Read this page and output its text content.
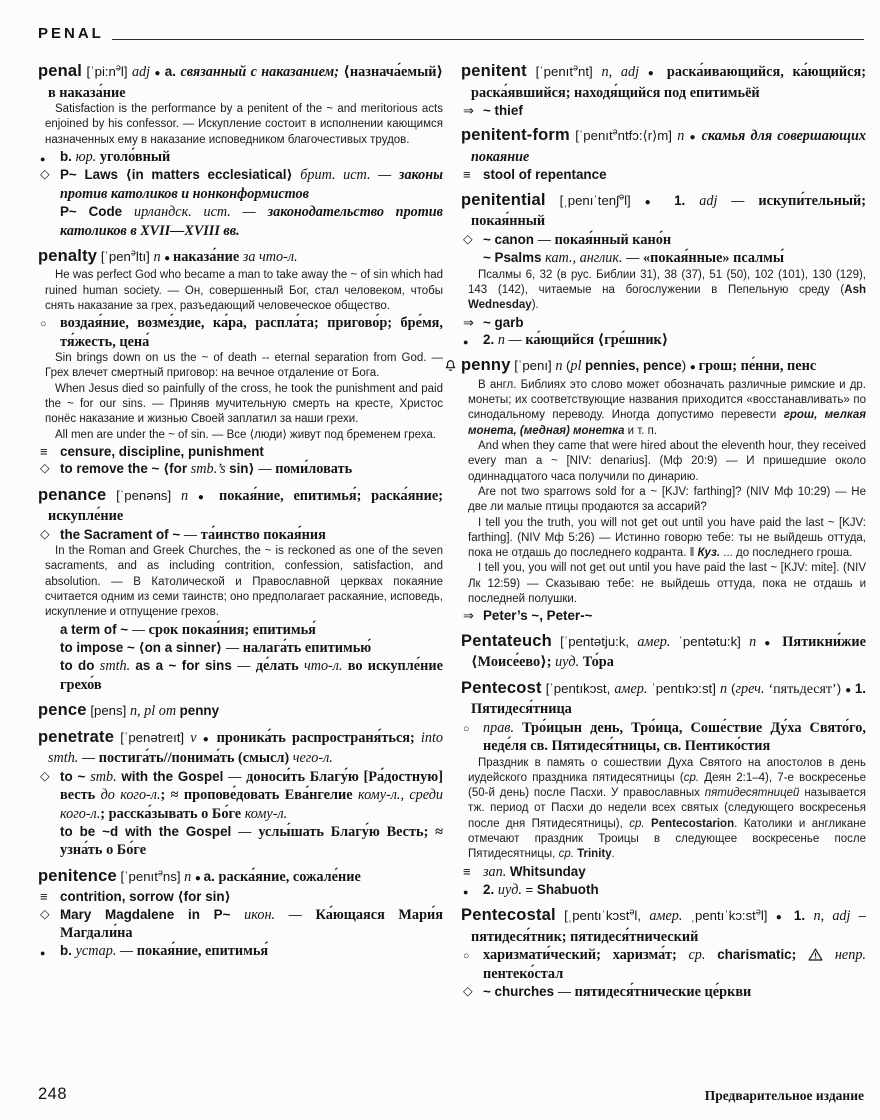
PENAL

penal $[ˈpi:n^əl]$ adj ● a. связанный с наказанием; ⟨назнача́емый⟩ в наказа́ние

Satisfaction is the performance by a penitent of the ~ and meritorious acts enjoined by his confessor. — Искупление состоит в исполнении кающимся назначенных ему в наказание исповедником благочестивых трудов.

●	b. юр. уголо́вный

◇ P~ Laws ⟨in matters ecclesiatical⟩ брит. ист. — законы против католиков и нонконформистов

P~ Code ирландск. ист. — законодательство против католиков в XVII—XVIII вв.

penalty [ˈpen$^ə$ltı] n ● наказа́ние за что-л.

He was perfect God who became a man to take away the ~ of sin which had ruined human society. — Он, совершенный Бог, стал человеком, чтобы снять наказание за грех, разъедающий человеческое общество.

○ воздая́ние, возме́здие, ка́ра, распла́та; пригово́р; бре́мя, тя́жесть, цена́

Sin brings down on us the ~ of death -- eternal separation from God. — Грех влечет смертный приговор: на вечное отдаление от Бога.

When Jesus died so painfully of the cross, he took the punishment and paid the ~ for our sins. — Приняв мучительную смерть на кресте, Христос понёс наказание и жизнью Своей заплатил за наши грехи.

All men are under the ~ of sin. — Все ⟨люди⟩ живут под бременем греха.

≡ censure, discipline, punishment

◇ to remove the ~ ⟨for smb.’s sin⟩ — поми́ловать

penance [ˈpenəns] n ● покая́ние, епитимья́; раска́яние; искупле́ние

◇ the Sacrament of ~ — та́инство покая́ния

In the Roman and Greek Churches, the ~ is reckoned as one of the seven sacraments, and as including contrition, confession, satisfaction, and absolution. — В Католической и Православной церквах покаяние считается одним из семи таинств; оно предполагает раскаяние, исповедь, искупление и отпущение грехов.

a term of ~ — срок покая́ния; епитимья́

to impose ~ ⟨on a sinner⟩ — налага́ть епитимью́

to do smth. as a ~ for sins — де́лать что-л. во искупле́ние грехо́в

pence [pens] n, pl от penny

penetrate [ˈpenətreıt] v ● проника́ть распространя́ться; into smth. — постига́ть//понима́ть (смысл) чего-л.

◇ to ~ smb. with the Gospel — доноси́ть Благу́ю [Ра́достную] весть до кого-л.; ≈ пропове́довать Ева́нгелие кому-л., среди кого-л.; расска́зывать о Бо́ге кому-л.

to be ~d with the Gospel — услы́шать Благу́ю Весть; ≈ узна́ть о Бо́ге

penitence [ˈpenıt$^ə$ns] n ● a. раска́яние, сожале́ние

≡ contrition, sorrow ⟨for sin⟩

◇ Mary Magdalene in P~ икон. — Ка́ющаяся Мари́я Магдали́на

●	b. устар. — покая́ние, епитимья́

penitent [ˈpenıt$^ə$nt] n, adj ● раска́ивающийся, ка́ющийся; раска́явшийся; находя́щийся под епитимьёй

⇒ ~ thief

penitent-form [ˈpenıt$^ə$ntfɔ:⟨r⟩m] n ● скамья для совершающих покаяние

≡ stool of repentance

penitential [ˌpenıˈtenʃ$^ə$l] ● 1. adj — искупи́тельный; покая́нный

◇ ~ canon — покая́нный кано́н

~ Psalms кат., англик. — «покая́нные» псалмы́

Псалмы 6, 32 (в рус. Библии 31), 38 (37), 51 (50), 102 (101), 130 (129), 143 (142), читаемые на богослужении в Пепельную среду (Ash Wednesday).

⇒ ~ garb

●	2. n — ка́ющийся ⟨гре́шник⟩

penny [ˈpenı] n (pl pennies, pence) ● грош; пе́нни, пенс

В англ. Библиях это слово может обозначать различные римские и др. монеты; их соответствующие названия приходится «восстанавливать» по синодальному переводу. Иногда допустимо перевести грош, мелкая монета, (медная) монетка и т. п.

And when they came that were hired about the eleventh hour, they received every man a ~ [NIV: denarius]. (Мф 20:9) — И пришедшие около одиннадцатого часа получили по динарию.

Are not two sparrows sold for a ~ [KJV: farthing]? (NIV Мф 10:29) — Не две ли малые птицы продаются за ассарий?

I tell you the truth, you will not get out until you have paid the last ~ [KJV: farthing]. (NIV Мф 5:26) — Истинно говорю тебе: ты не выйдешь оттуда, пока не отдашь до последнего кодранта. ‖ Куз. ... до последнего гроша.

I tell you, you will not get out until you have paid the last ~ [KJV: mite]. (NIV Лк 12:59) — Сказываю тебе: не выйдешь оттуда, пока не отдашь и последней полушки.

⇒ Peter’s ~, Peter-~

Pentateuch [ˈpentətju:k, амер. ˈpentətu:k] n ● Пятикни́жие ⟨Моисе́ево⟩; иуд. То́ра

Pentecost [ˈpentıkɔst, амер. ˈpentıkɔ:st] n (греч. ‘пятьдесят’) ● 1. Пятидеся́тница

○ прав. Тро́ицын день, Тро́ица, Соше́ствие Ду́ха Свято́го, неде́ля св. Пятидеся́тницы, св. Пентико́стия

Праздник в память о сошествии Духа Святого на апостолов в день иудейского праздника пятидесятницы (ср. Деян 2:1–4), 7-е воскресенье (50-й день) после Пасхи. У православных пятидесятницей называется тж. период от Пасхи до недели всех святых (следующего воскресенья после дня Пятидесятницы), ср. Pentecostarion. Католики и англикане отмечают праздник Троицы в следующее воскресенье после Пятидесятницы, ср. Trinity.

≡ зап. Whitsunday

●	2. иуд. = Shabuoth

Pentecostal [ˌpentıˈkɔst$^ə$l, амер. $ˌpentıˈkɔ:st^əl$] ● 1. n, adj – пятидеся́тник; пятидеся́тнический

○ харизмати́ческий; харизма́т; ср. charismatic;  непр. пентеко́стал

◇ ~ churches — пятидеся́тнические це́ркви

248	Предварительное издание
